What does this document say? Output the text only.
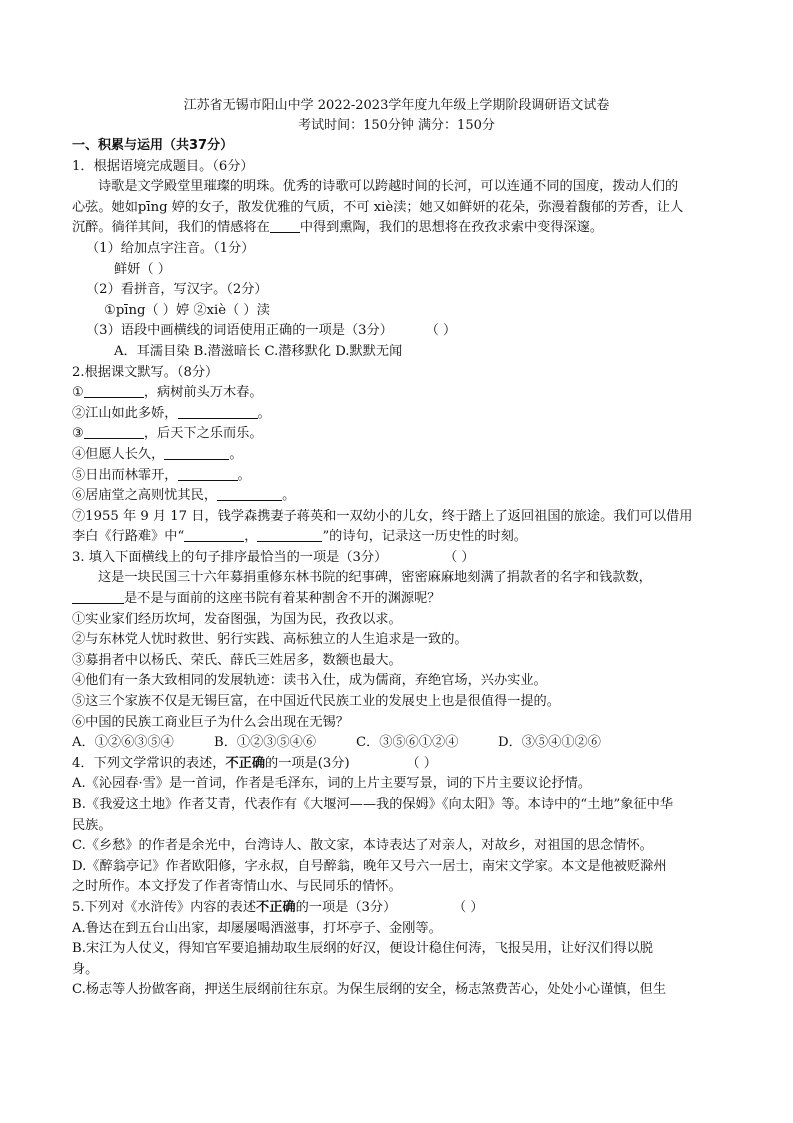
江苏省无锡市阳山中学 2022-2023学年度九年级上学期阶段调研语文试卷
考试时间：150分钟 满分：150分

一、积累与运用（共37分）

1．根据语境完成题目。（6分）

诗歌是文学殿堂里璀璨的明珠。优秀的诗歌可以跨越时间的长河，可以连通不同的国度，拨动人们的

心弦。她如pīng 婷的女子，散发优雅的气质，不可 xiè渎；她又如鲜妍的花朵，弥漫着馥郁的芳香，让人

沉醉。徜徉其间，我们的情感将在 中得到熏陶，我们的思想将在孜孜求索中变得深邃。

（1）给加点字注音。（1分）

鲜妍（ ）

（2）看拼音，写汉字。（2分）

①pīng（ ）婷 ②xiè（ ）渎

（3）语段中画横线的词语使用正确的一项是（3分） （ ）

A．耳濡目染 B.潜滋暗长 C.潜移默化 D.默默无闻

2.根据课文默写。（8分）

①	，病树前头万木春。

②江山如此多娇，	。

③	，后天下之乐而乐。

④但愿人长久，	。

⑤日出而林霏开，	。

⑥居庙堂之高则忧其民，	。

⑦1955 年 9 月 17 日，钱学森携妻子蒋英和一双幼小的儿女，终于踏上了返回祖国的旅途。我们可以借用

李白《行路难》中“	，	”的诗句，记录这一历史性的时刻。

3. 填入下面横线上的句子排序最恰当的一项是（3分）	（ ）

这是一块民国三十六年募捐重修东林书院的纪事碑，密密麻麻地刻满了捐款者的名字和钱款数，

是不是与面前的这座书院有着某种割舍不开的渊源呢？

①实业家们经历坎坷，发奋图强，为国为民，孜孜以求。

②与东林党人忧时救世、躬行实践、高标独立的人生追求是一致的。

③募捐者中以杨氏、荣氏、薛氏三姓居多，数额也最大。

④他们有一条大致相同的发展轨迹：读书入仕，成为儒商，弃绝官场，兴办实业。

⑤这三个家族不仅是无锡巨富，在中国近代民族工业的发展史上也是很值得一提的。

⑥中国的民族工商业巨子为什么会出现在无锡？

A．①②⑥③⑤④	B．①②③⑤④⑥	C．③⑤⑥①②④	D．③⑤④①②⑥

4．下列文学常识的表述，不正确的一项是(3分)	（ ）

A.《沁园春·雪》是一首词，作者是毛泽东，词的上片主要写景，词的下片主要议论抒情。

B.《我爱这土地》作者艾青，代表作有《大堰河——我的保姆》《向太阳》等。本诗中的“土地”象征中华

民族。

C.《乡愁》的作者是余光中，台湾诗人、散文家，本诗表达了对亲人，对故乡，对祖国的思念情怀。

D.《醉翁亭记》作者欧阳修，字永叔，自号醉翁，晚年又号六一居士，南宋文学家。本文是他被贬滁州

之时所作。本文抒发了作者寄情山水、与民同乐的情怀。

5.下列对《水浒传》内容的表述不正确的一项是（3分）	（ ）

A.鲁达在到五台山出家，却屡屡喝酒滋事，打坏亭子、金刚等。

B.宋江为人仗义，得知官军要追捕劫取生辰纲的好汉，便设计稳住何涛，飞报吴用，让好汉们得以脱

身。

C.杨志等人扮做客商，押送生辰纲前往东京。为保生辰纲的安全，杨志煞费苦心，处处小心谨慎，但生
